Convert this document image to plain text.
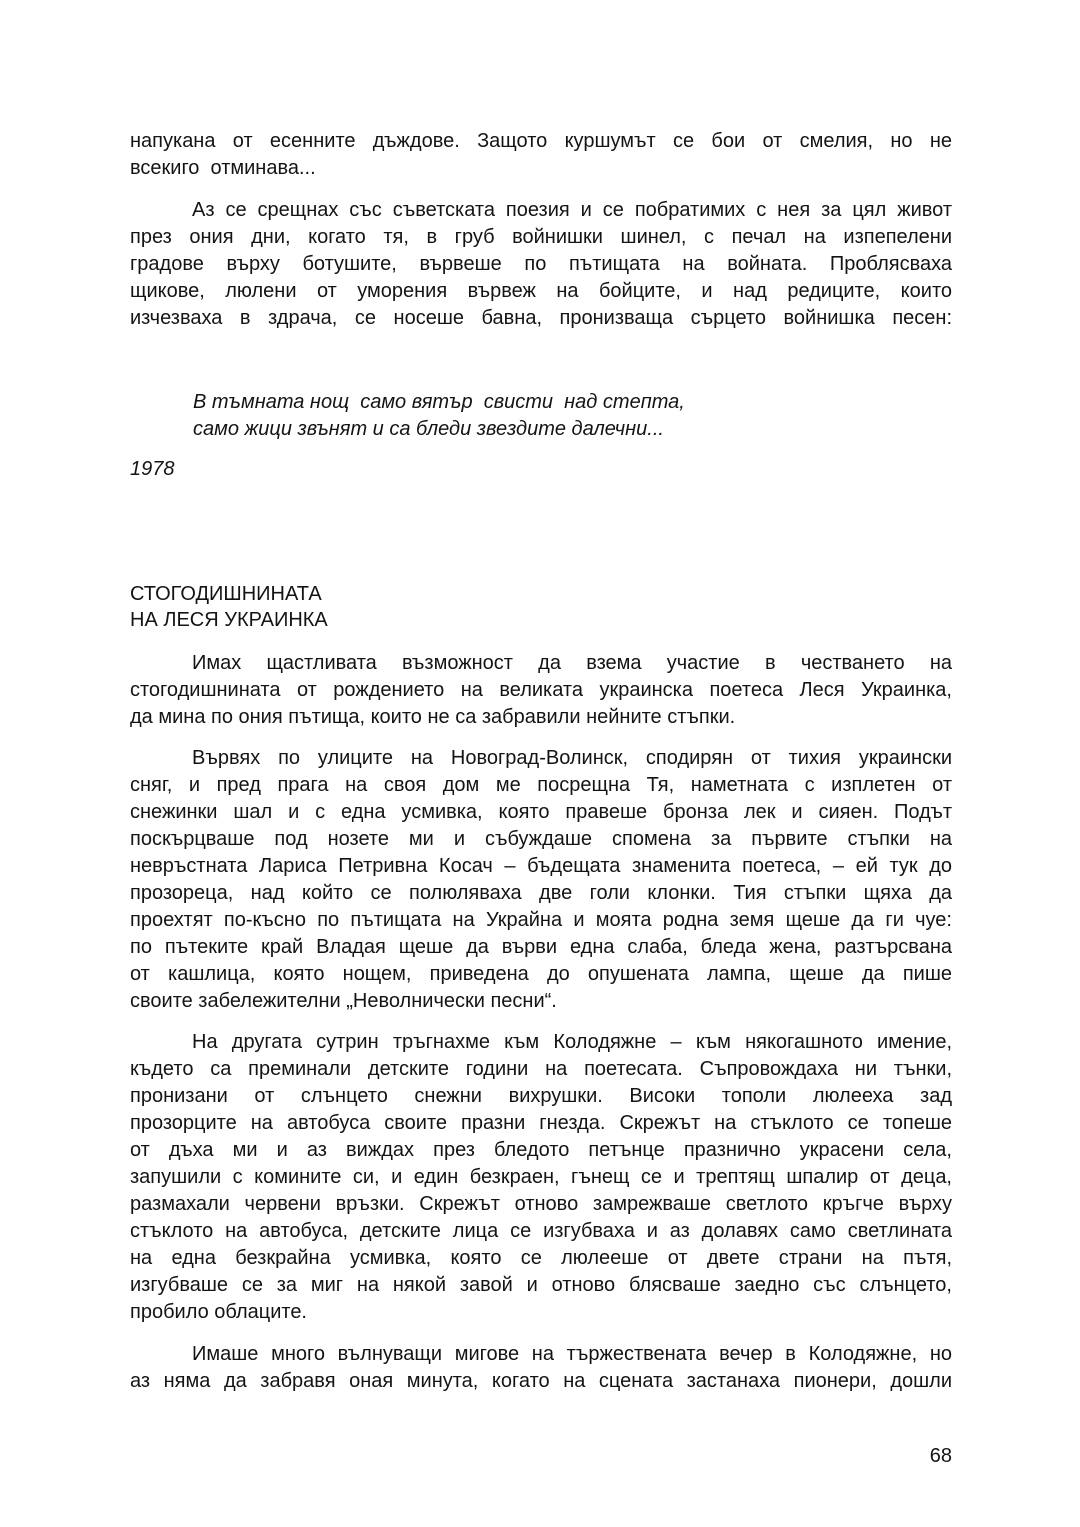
напукана от есенните дъждове. Защото куршумът се бои от смелия, но не
всекиго  отминава...
Аз се срещнах със съветската поезия и се побратимих с нея за цял живот
през ония дни, когато тя, в груб войнишки шинел, с печал на изпепелени
градове върху ботушите, вървеше по пътищата на войната. Проблясваха
щикове, люлени от уморения вървеж на бойците, и над редиците, които
изчезваха в здрача, се носеше бавна, пронизваща сърцето войнишка песен:
В тъмната нощ  само вятър  свисти  над степта,
само жици звънят и са бледи звездите далечни...
1978
СТОГОДИШНИНАТА
НА ЛЕСЯ УКРАИНКА
Имах щастливата възможност да взема участие в честването на
стогодишнината от рождението на великата украинска поетеса Леся Украинка,
да мина по ония пътища, които не са забравили нейните стъпки.
Вървях по улиците на Новоград-Волинск, сподирян от тихия украински
сняг, и пред прага на своя дом ме посрещна Тя, наметната с изплетен от
снежинки шал и с една усмивка, която правеше бронза лек и сияен. Подът
поскърцваше под нозете ми и събуждаше спомена за първите стъпки на
невръстната Лариса Петривна Косач – бъдещата знаменита поетеса, – ей тук до
прозореца, над който се полюляваха две голи клонки. Тия стъпки щяха да
проехтят по-късно по пътищата на Украйна и моята родна земя щеше да ги чуе:
по пътеките край Владая щеше да върви една слаба, бледа жена, разтърсвана
от кашлица, която нощем, приведена до опушената лампа, щеше да пише
своите забележителни „Неволнически песни“.
На другата сутрин тръгнахме към Колодяжне – към някогашното имение,
където са преминали детските години на поетесата. Съпровождаха ни тънки,
пронизани от слънцето снежни вихрушки. Високи тополи люлееха зад
прозорците на автобуса своите празни гнезда. Скрежът на стъклото се топеше
от дъха ми и аз виждах през бледото петънце празнично украсени села,
запушили с комините си, и един безкраен, гънещ се и трептящ шпалир от деца,
размахали червени връзки. Скрежът отново замрежваше светлото кръгче върху
стъклото на автобуса, детските лица се изгубваха и аз долавях само светлината
на една безкрайна усмивка, която се люлееше от двете страни на пътя,
изгубваше се за миг на някой завой и отново блясваше заедно със слънцето,
пробило облаците.
Имаше много вълнуващи мигове на тържествената вечер в Колодяжне, но
аз няма да забравя оная минута, когато на сцената застанаха пионери, дошли

68
